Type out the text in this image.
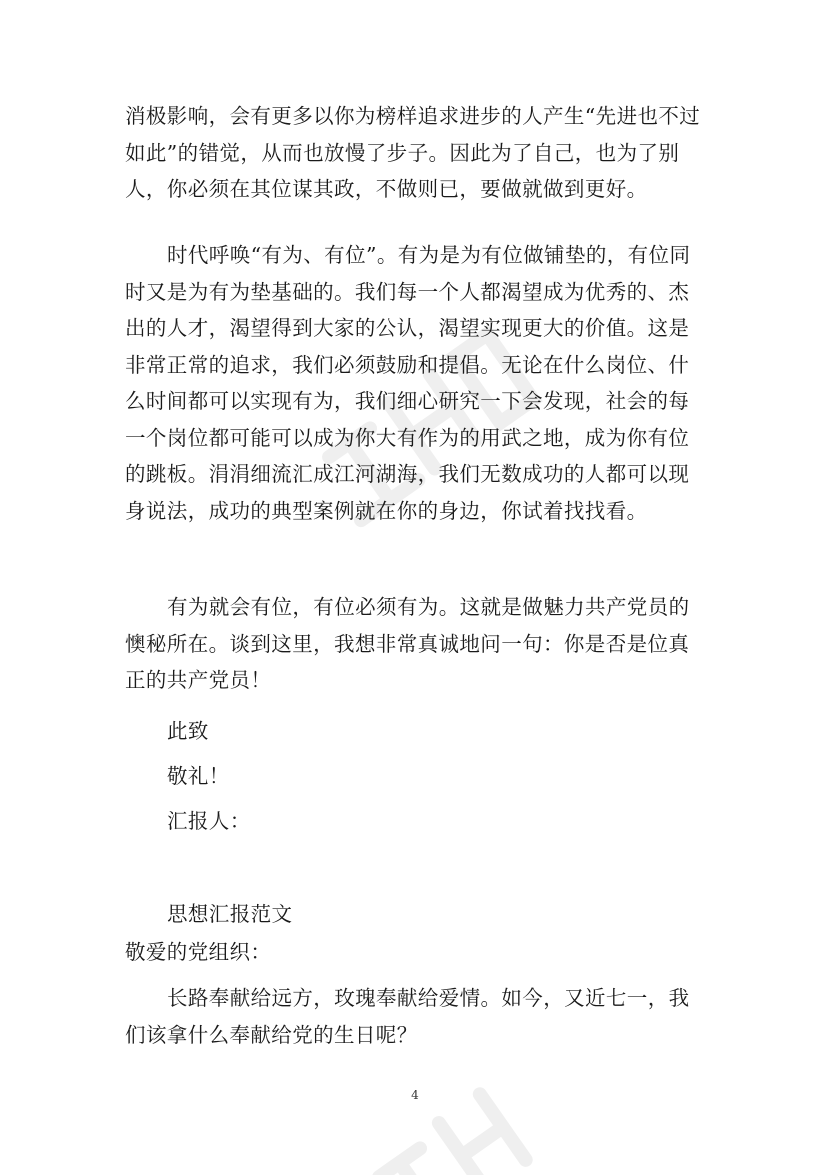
消极影响，会有更多以你为榜样追求进步的人产生“先进也不过如此”的错觉，从而也放慢了步子。因此为了自己，也为了别人，你必须在其位谋其政，不做则已，要做就做到更好。

时代呼唤“有为、有位”。有为是为有位做铺垫的，有位同时又是为有为垫基础的。我们每一个人都渴望成为优秀的、杰出的人才，渴望得到大家的公认，渴望实现更大的价值。这是非常正常的追求，我们必须鼓励和提倡。无论在什么岗位、什么时间都可以实现有为，我们细心研究一下会发现，社会的每一个岗位都可能可以成为你大有作为的用武之地，成为你有位的跳板。涓涓细流汇成江河湖海，我们无数成功的人都可以现身说法，成功的典型案例就在你的身边，你试着找找看。

有为就会有位，有位必须有为。这就是做魅力共产党员的懊秘所在。谈到这里，我想非常真诚地问一句：你是否是位真正的共产党员！

此致

敬礼！

汇报人：

思想汇报范文

敬爱的党组织：

长路奉献给远方，玫瑰奉献给爱情。如今，又近七一，我们该拿什么奉献给党的生日呢？

4
